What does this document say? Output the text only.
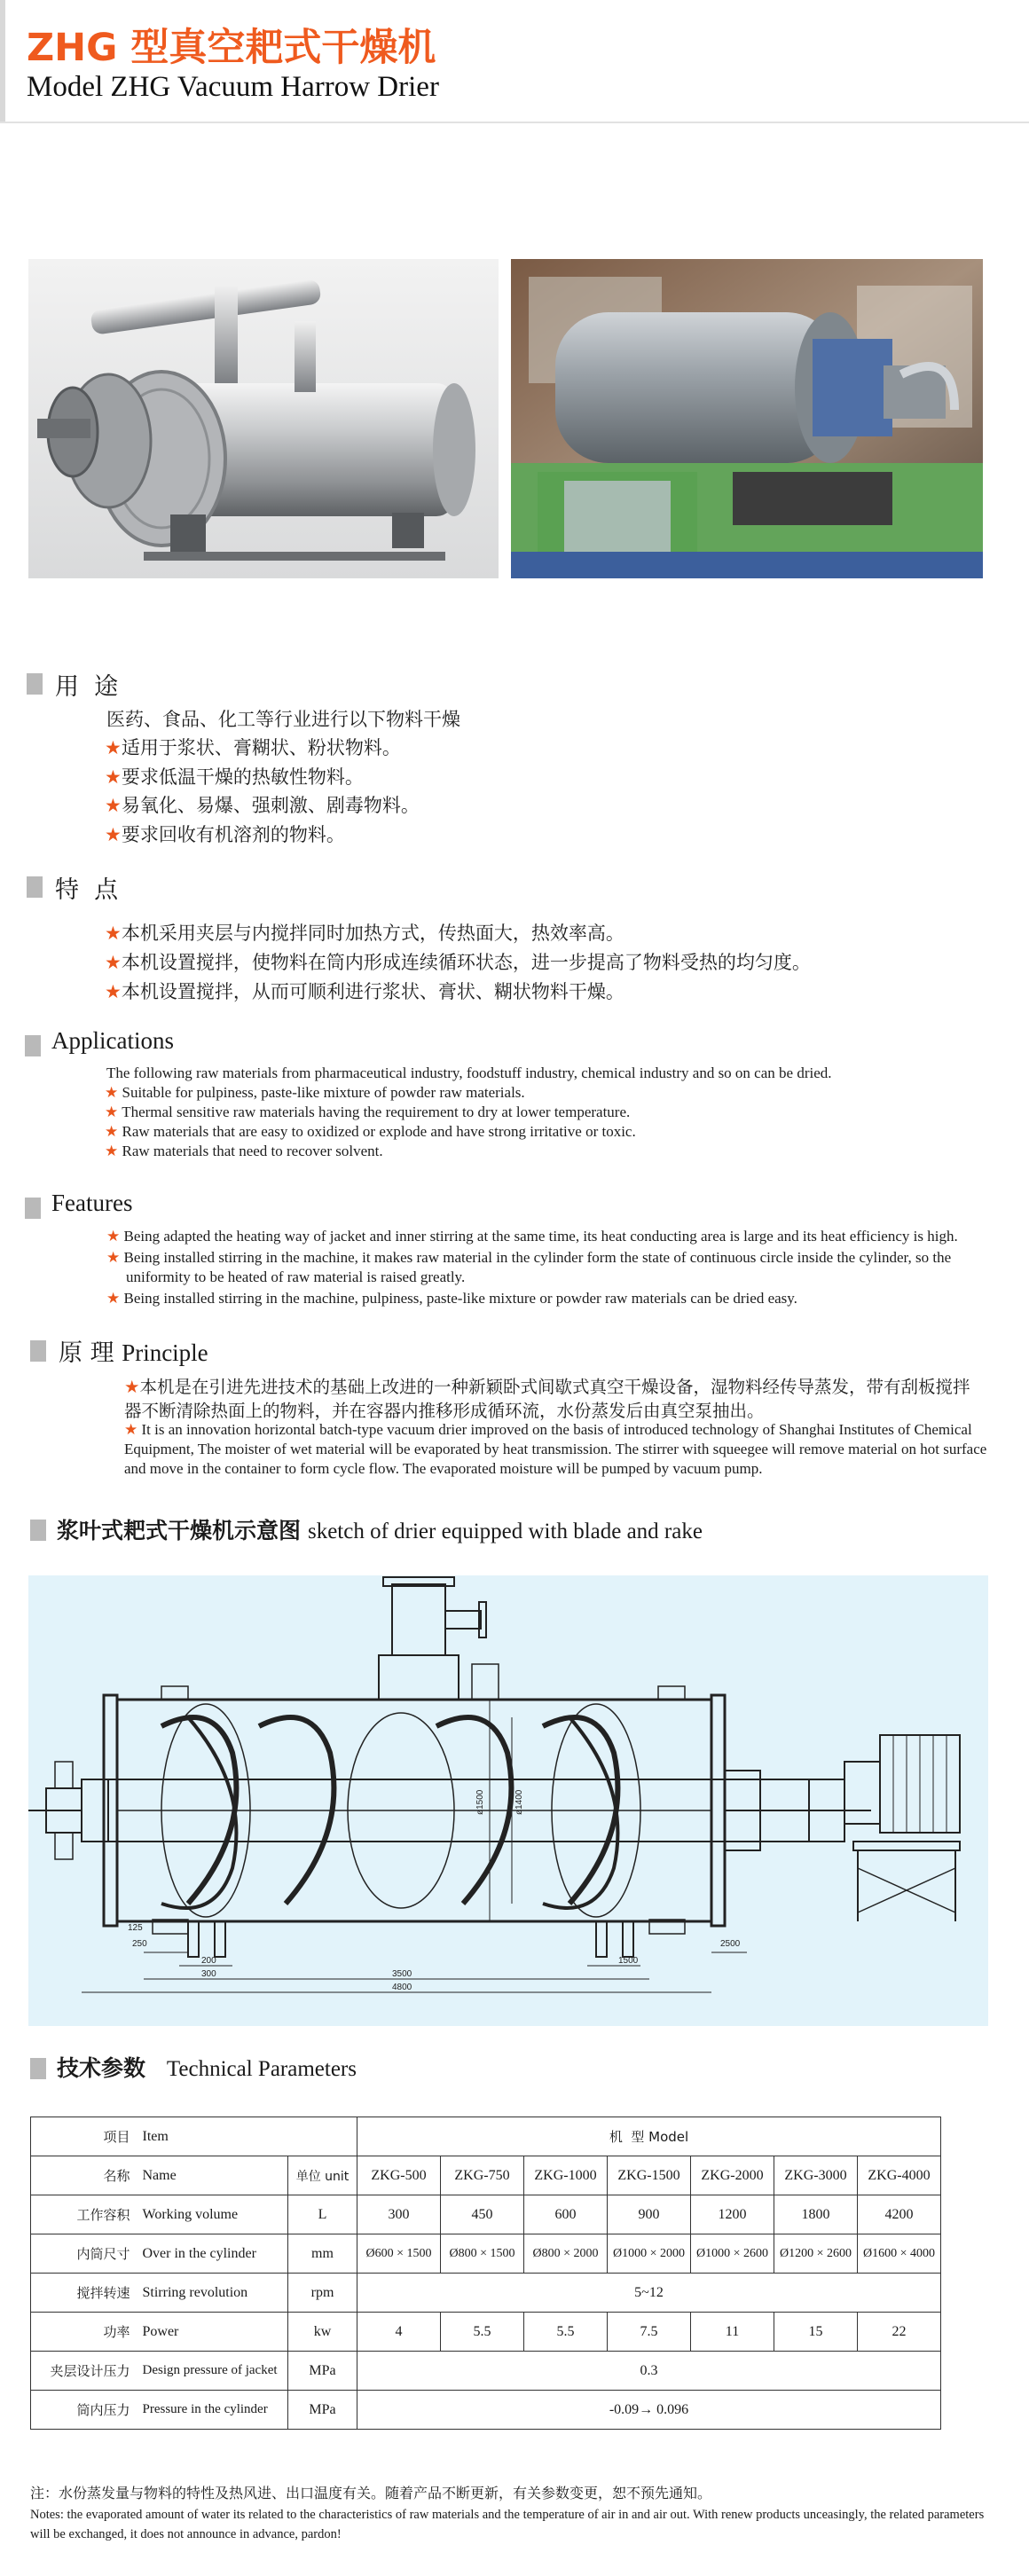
ZHG 型真空耙式干燥机
Model ZHG Vacuum Harrow Drier
用  途
医药、食品、化工等行业进行以下物料干燥
★适用于浆状、膏糊状、粉状物料。
★要求低温干燥的热敏性物料。
★易氧化、易爆、强刺激、剧毒物料。
★要求回收有机溶剂的物料。
特  点
★本机采用夹层与内搅拌同时加热方式，传热面大，热效率高。
★本机设置搅拌，使物料在筒内形成连续循环状态，进一步提高了物料受热的均匀度。
★本机设置搅拌，从而可顺利进行浆状、膏状、糊状物料干燥。
Applications
The following raw materials from pharmaceutical industry, foodstuff industry, chemical industry and so on can be dried.
★ Suitable for pulpiness, paste-like mixture of powder raw materials.
★ Thermal sensitive raw materials having the requirement to dry at lower temperature.
★ Raw materials that are easy to oxidized or explode and have strong irritative or toxic.
★ Raw materials that need to recover solvent.
Features
★ Being adapted the heating way of jacket and inner stirring at the same time, its heat conducting area is large and its heat efficiency is high.
★ Being installed stirring in the machine, it makes raw material in the cylinder form the state of continuous circle inside the cylinder, so the
uniformity to be heated of raw material is raised greatly.
★ Being installed stirring in the machine, pulpiness, paste-like mixture or powder raw materials can be dried easy.
原 理 Principle
★本机是在引进先进技术的基础上改进的一种新颖卧式间歇式真空干燥设备，湿物料经传导蒸发，带有刮板搅拌
器不断清除热面上的物料，并在容器内推移形成循环流，水份蒸发后由真空泵抽出。
★ It is an innovation horizontal batch-type vacuum drier improved on the basis of introduced technology of Shanghai Institutes of Chemical
Equipment, The moister of wet material will be evaporated by heat transmission. The stirrer with squeegee will remove material on hot surface
and move in the container to form cycle flow. The evaporated moisture will be pumped by vacuum pump.
浆叶式耙式干燥机示意图 sketch of drier equipped with blade and rake
ø1500	ø1400
125
250
200
300	3500
4800
1500
2500
技术参数 Technical Parameters
项目	Item		机  型 Model						
名称	Name	单位 unit	ZKG-500	ZKG-750	ZKG-1000	ZKG-1500	ZKG-2000	ZKG-3000	ZKG-4000
工作容积	Working volume	L	300	450	600	900	1200	1800	4200
内筒尺寸	Over in the cylinder	mm	Ø600 × 1500	Ø800 × 1500	Ø800 × 2000	Ø1000 × 2000	Ø1000 × 2600	Ø1200 × 2600	Ø1600 × 4000
搅拌转速	Stirring revolution	rpm	5~12						
功率	Power	kw	4	5.5	5.5	7.5	11	15	22
夹层设计压力	Design pressure of jacket	MPa	0.3						
筒内压力	Pressure in the cylinder	MPa	-0.09→ 0.096						
注：水份蒸发量与物料的特性及热风进、出口温度有关。随着产品不断更新，有关参数变更，恕不预先通知。
Notes: the evaporated amount of water its related to the characteristics of raw materials and the temperature of air in and air out. With renew products unceasingly, the related parameters will be exchanged, it does not announce in advance, pardon!
